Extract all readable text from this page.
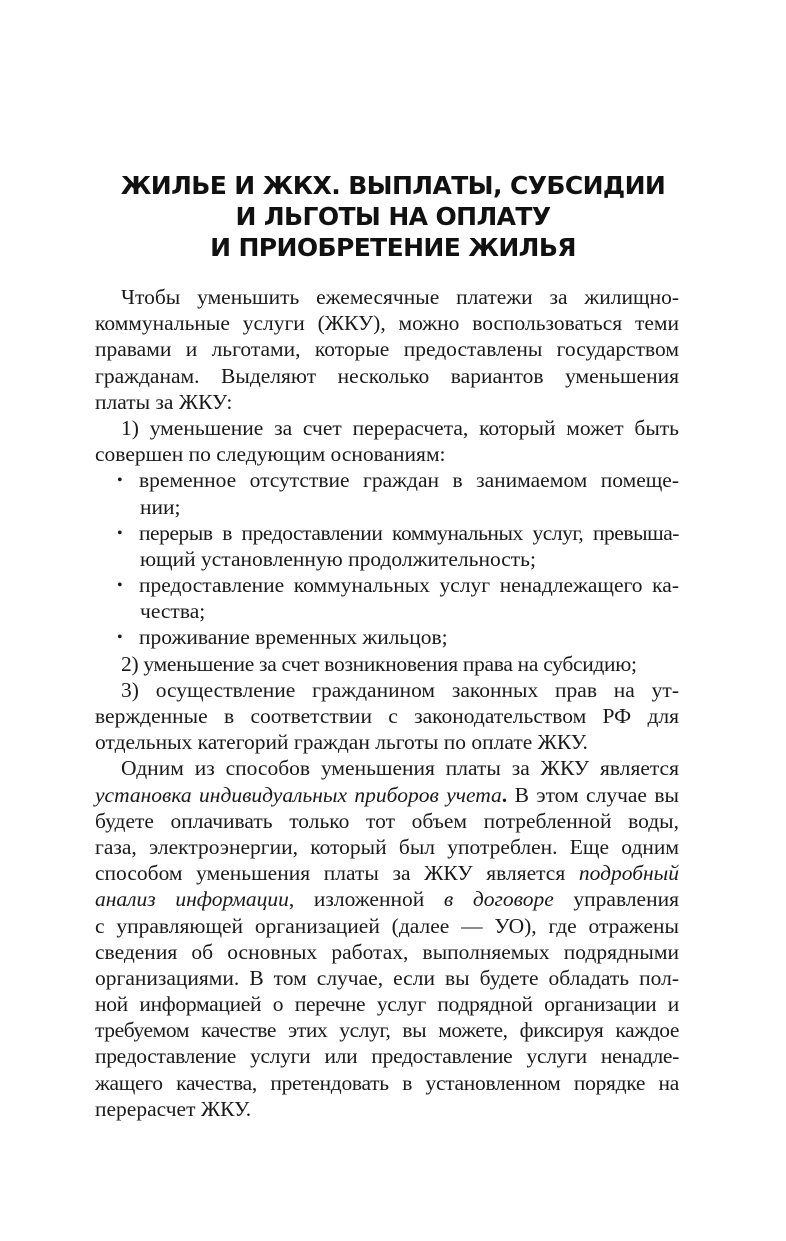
ЖИЛЬЕ И ЖКХ. ВЫПЛАТЫ, СУБСИДИИ
И ЛЬГОТЫ НА ОПЛАТУ
И ПРИОБРЕТЕНИЕ ЖИЛЬЯ
Чтобы уменьшить ежемесячные платежи за жилищно-
коммунальные услуги (ЖКУ), можно воспользоваться теми
правами и льготами, которые предоставлены государством
гражданам. Выделяют несколько вариантов уменьшения
платы за ЖКУ:
1) уменьшение за счет перерасчета, который может быть
совершен по следующим основаниям:
• временное отсутствие граждан в занимаемом помеще-
нии;
• перерыв в предоставлении коммунальных услуг, превыша-
ющий установленную продолжительность;
• предоставление коммунальных услуг ненадлежащего ка-
чества;
• проживание временных жильцов;
2) уменьшение за счет возникновения права на субсидию;
3) осуществление гражданином законных прав на ут-
вержденные в соответствии с законодательством РФ для
отдельных категорий граждан льготы по оплате ЖКУ.
Одним из способов уменьшения платы за ЖКУ является
установка индивидуальных приборов учета. В этом случае вы
будете оплачивать только тот объем потребленной воды,
газа, электроэнергии, который был употреблен. Еще одним
способом уменьшения платы за ЖКУ является подробный
анализ информации, изложенной в договоре управления
с управляющей организацией (далее — УО), где отражены
сведения об основных работах, выполняемых подрядными
организациями. В том случае, если вы будете обладать пол-
ной информацией о перечне услуг подрядной организации и
требуемом качестве этих услуг, вы можете, фиксируя каждое
предоставление услуги или предоставление услуги ненадле-
жащего качества, претендовать в установленном порядке на
перерасчет ЖКУ.
